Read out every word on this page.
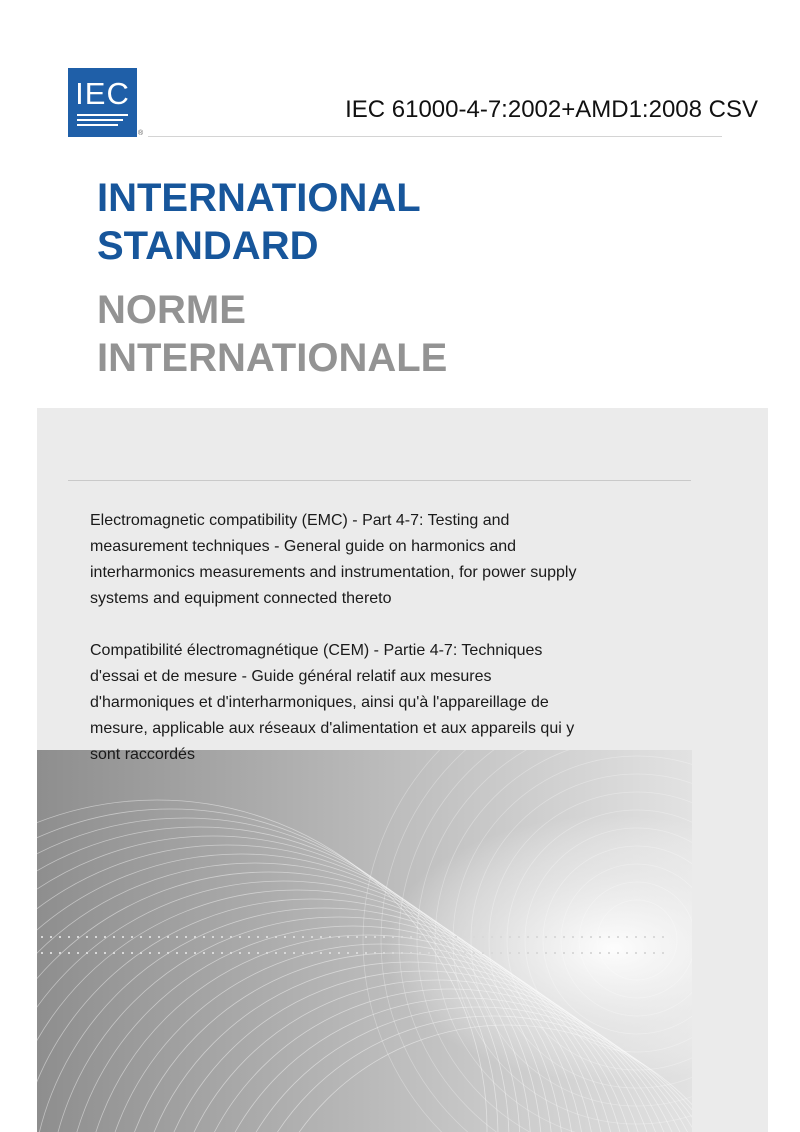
IEC
®
IEC 61000-4-7:2002+AMD1:2008 CSV
INTERNATIONAL
STANDARD
NORME
INTERNATIONALE

Electromagnetic compatibility (EMC) - Part 4-7: Testing and measurement techniques - General guide on harmonics and interharmonics measurements and instrumentation, for power supply systems and equipment connected thereto

Compatibilité électromagnétique (CEM) - Partie 4-7: Techniques d'essai et de mesure - Guide général relatif aux mesures d'harmoniques et d'interharmoniques, ainsi qu'à l'appareillage de mesure, applicable aux réseaux d'alimentation et aux appareils qui y sont raccordés
